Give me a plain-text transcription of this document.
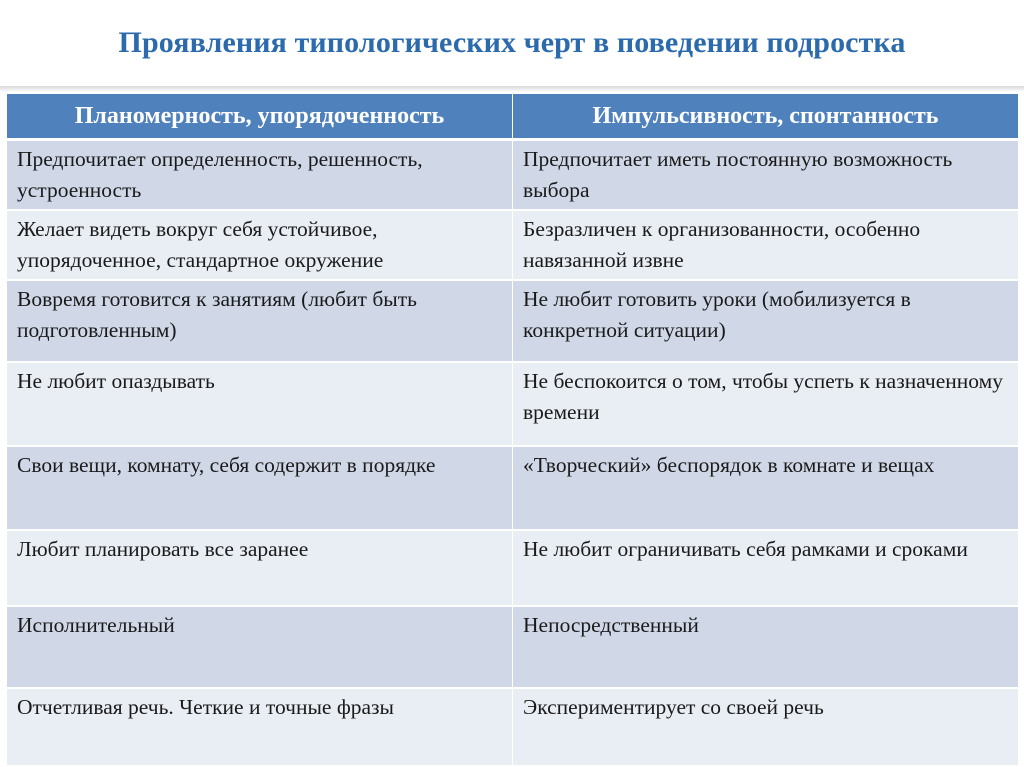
Проявления типологических черт в поведении подростка
Планомерность, упорядоченность	Импульсивность, спонтанность
Предпочитает определенность, решенность, устроенность	Предпочитает иметь постоянную возможность выбора
Желает видеть вокруг себя устойчивое, упорядоченное, стандартное окружение	Безразличен к организованности, особенно навязанной извне
Вовремя готовится к занятиям (любит быть подготовленным)	Не любит готовить уроки (мобилизуется в конкретной ситуации)
Не любит опаздывать	Не беспокоится о том, чтобы успеть к назначенному времени
Свои вещи, комнату, себя содержит в порядке	«Творческий» беспорядок в комнате и вещах
Любит планировать все заранее	Не любит ограничивать себя рамками и сроками
Исполнительный	Непосредственный
Отчетливая речь. Четкие и точные фразы	Экспериментирует со своей речь
